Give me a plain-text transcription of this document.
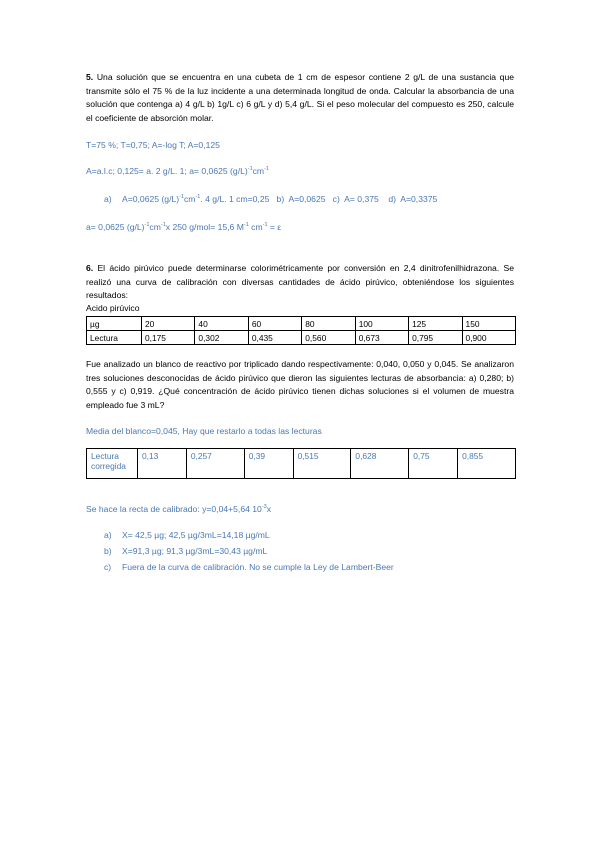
5. Una solución que se encuentra en una cubeta de 1 cm de espesor contiene 2 g/L de una sustancia que transmite sólo el 75 % de la luz incidente a una determinada longitud de onda. Calcular la absorbancia de una solución que contenga a) 4 g/L b) 1g/L c) 6 g/L y d) 5,4 g/L. Si el peso molecular del compuesto es 250, calcule el coeficiente de absorción molar.
T=75 %; T=0,75; A=-log T; A=0,125
A=a.l.c; 0,125= a. 2 g/L. 1; a= 0,0625 $(g/L)^{-1}cm^{-1}$
a) A=0,0625 $(g/L)^{-1}cm^{-1}$. 4 g/L. 1 cm=0,25   b)  A=0,0625   c)  A= 0,375    d)  A=0,3375
a= 0,0625 $(g/L)^{-1}cm^{-1}x$ 250 g/mol= 15,6 $M^{-1}$ $cm^{-1} = \varepsilon$
6. El ácido pirúvico puede determinarse colorimétricamente por conversión en 2,4 dinitrofenilhidrazona. Se realizó una curva de calibración con diversas cantidades de ácido pirúvico, obteniéndose los siguientes resultados:
Acido pirúvico
µg	20	40	60	80	100	125	150
Lectura	0,175	0,302	0,435	0,560	0,673	0,795	0,900
Fue analizado un blanco de reactivo por triplicado dando respectivamente: 0,040, 0,050 y 0,045. Se analizaron tres soluciones desconocidas de ácido pirúvico que dieron las siguientes lecturas de absorbancia: a) 0,280; b) 0,555 y c) 0,919. ¿Qué concentración de ácido pirúvico tienen dichas soluciones si el volumen de muestra empleado fue 3 mL?
Media del blanco=0,045, Hay que restarlo a todas las lecturas
Lectura corregida	0,13	0,257	0,39	0,515	0,628	0,75	0,855
Se hace la recta de calibrado: y=0,04+5,64 $10^{-3}x$
a) X= 42,5 µg; 42,5 µg/3mL=14,18 µg/mL
b) X=91,3 µg; 91,3 µg/3mL=30,43 µg/mL
c) Fuera de la curva de calibración. No se cumple la Ley de Lambert-Beer
